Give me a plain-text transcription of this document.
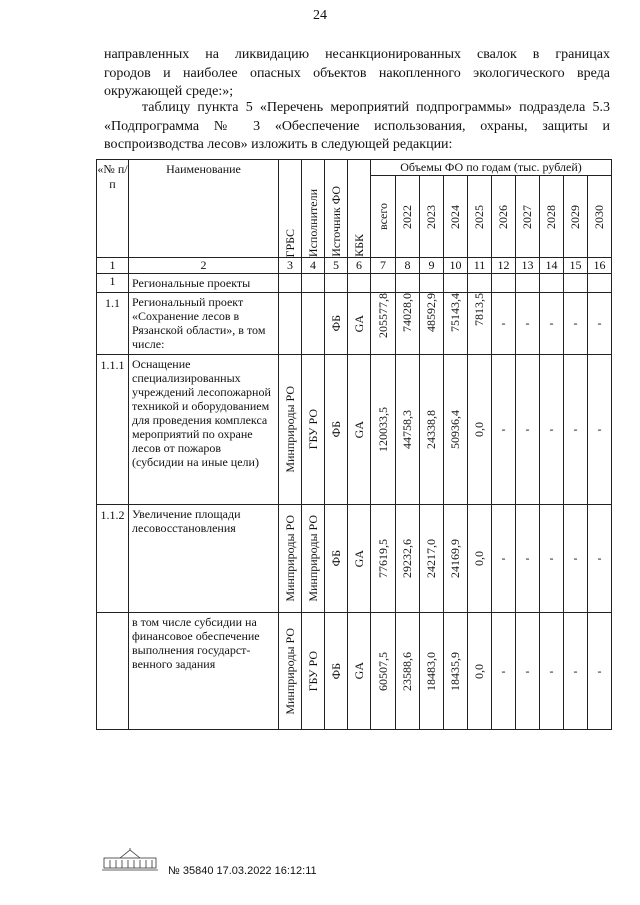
24
направленных на ликвидацию несанкционированных свалок в границах
городов и наиболее опасных объектов накопленного экологического вреда
окружающей среде:»;
таблицу пункта 5 «Перечень мероприятий подпрограммы» подраздела 5.3
«Подпрограмма № 3 «Обеспечение использования, охраны, защиты и
воспроизводства лесов» изложить в следующей редакции:
«№ п/п	Наименование	ГРБС	Исполнители	Источник ФО	КБК	Объемы ФО по годам (тыс. рублей)									

						всего	2022	2023	2024	2025	2026	2027	2028	2029	2030

1	2	3	4	5	6	7	8	9	10	11	12	13	14	15	16
1	Региональные проекты														
1.1	Региональный проект «Сохранение лесов в Рязанской области», в том числе:			ФБ	GA	205577,8	74028,0	48592,9	75143,4	7813,5	-	-	-	-	-
1.1.1	Оснащение специализированных учреждений лесопожарной техникой и оборудованием для проведения комплекса мероприятий по охране лесов от пожаров (субсидии на иные цели)	Минприроды РО	ГБУ РО	ФБ	GA	120033,5	44758,3	24338,8	50936,4	0,0	-	-	-	-	-
1.1.2	Увеличение площади лесовосстановления	Минприроды РО	Минприроды РО	ФБ	GA	77619,5	29232,6	24217,0	24169,9	0,0	-	-	-	-	-
	в том числе субсидии на финансовое обеспечение выполнения государст-венного задания	Минприроды РО	ГБУ РО	ФБ	GA	60507,5	23588,6	18483,0	18435,9	0,0	-	-	-	-	-
№ 35840 17.03.2022 16:12:11
